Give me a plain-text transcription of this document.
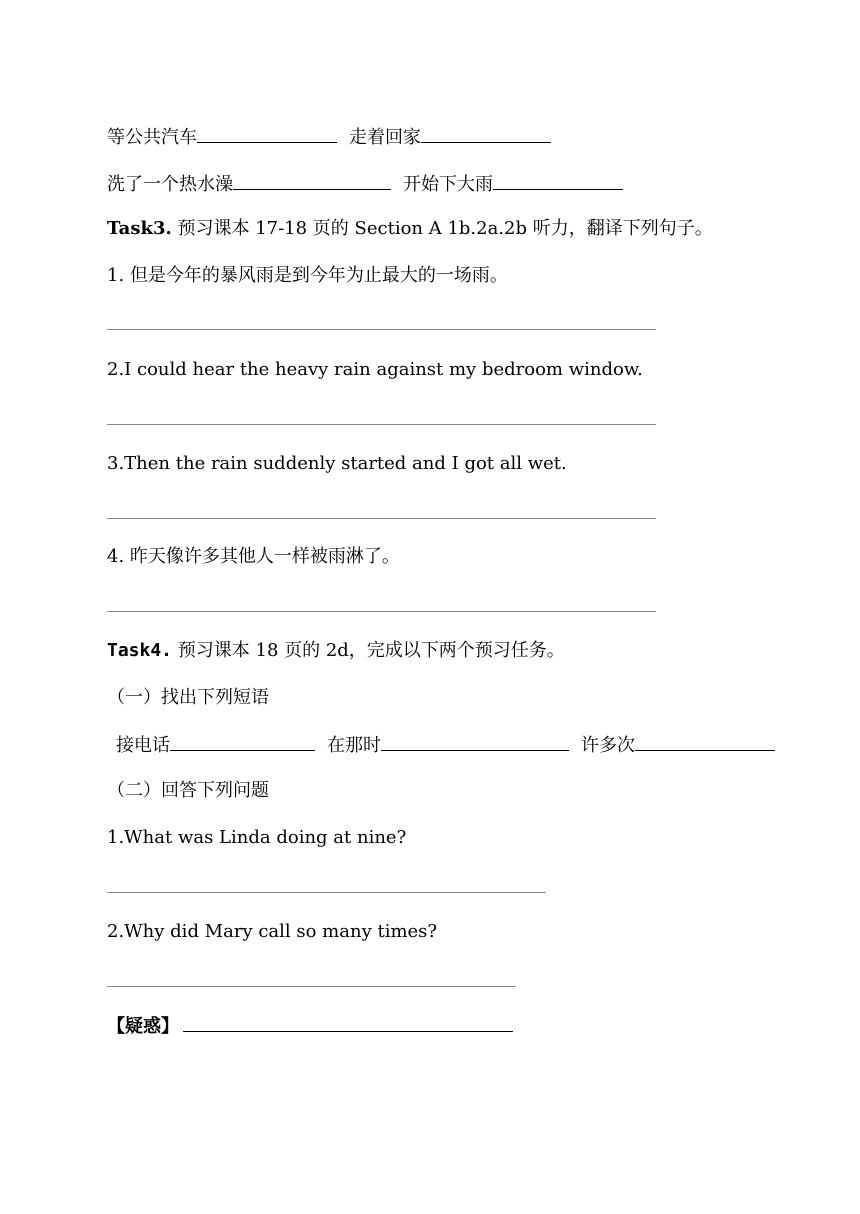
等公共汽车	走着回家
洗了一个热水澡	开始下大雨
Task3. 预习课本 17-18 页的 Section A 1b.2a.2b 听力，翻译下列句子。
1. 但是今年的暴风雨是到今年为止最大的一场雨。
2.I could hear the heavy rain against my bedroom window.
3.Then the rain suddenly started and I got all wet.
4. 昨天像许多其他人一样被雨淋了。
Task4. 预习课本 18 页的 2d，完成以下两个预习任务。
（一）找出下列短语
接电话	在那时	许多次
（二）回答下列问题
1.What was Linda doing at nine?
2.Why did Mary call so many times?
【疑惑】
